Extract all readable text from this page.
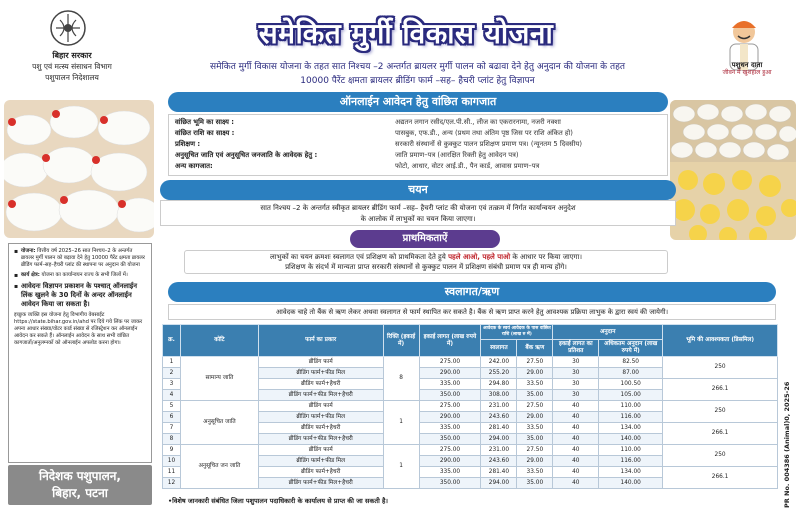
बिहार सरकार
पशु एवं मत्स्य संसाधन विभाग
पशुपालन निदेशालय
समेकित मुर्गी विकास योजना
समेकित मुर्गी विकास योजना के तहत सात निश्चय –2 अन्तर्गत ब्रायलर मुर्गी पालन को बढावा देने हेतु अनुदान की योजना के तहत
10000 पैरेंट क्षमता ब्रायलर ब्रीडिंग फार्म –सह– हैचरी प्लांट हेतु विज्ञापन
पशुधन दाता
जीवन में खुशहाल हुआ
ऑनलाईन आवेदन हेतु वांछित कागजात
वांछित भूमि का साक्ष्य :	अद्यतन लगान रसीद/एल.पी.सी., लीज का एकरारनामा, नजरी नक्शा
वांछित राशि का साक्ष्य :	पासबुक, एफ.डी., अन्य (प्रथम तथा अंतिम पृष्ठ जिस पर राशि अंकित हो)
प्रशिक्षण :	सरकारी संस्थानों से कुक्कुट पालन प्रशिक्षण प्रमाण पत्र। (न्यूनतम 5 दिवसीय)
अनुसूचित जाति एवं अनुसूचित जनजाति के आवेदक हेतु :	जाति प्रमाण–पत्र (आरक्षित रिक्ती हेतु आवेदन पत्र)
अन्य कागजात:	फोटो, आधार, वोटर आई.डी., पैन कार्ड, आवास प्रमाण–पत्र
चयन
सात निश्चय –2 के अन्तर्गत स्वीकृत ब्रायलर ब्रीडिंग फार्म –सह– हैचरी प्लांट की योजना एवं तत्क्रम में निर्गत कार्यान्वयन अनुदेश
के आलोक में लाभुकों का चयन किया जाएगा।
प्राथमिकताऐं
लाभुकों का चयन क्रमशः स्वलागत एवं प्रशिक्षण को प्राथमिकता देते हुये पहले आओ, पहले पाओ के आधार पर किया जाएगा।
प्रशिक्षण के संदर्भ में मान्यता प्राप्त सरकारी संस्थानों से कुक्कुट पालन में प्रशिक्षण संबंधी प्रमाण पत्र ही मान्य होंगे।
स्वलागत/ऋण
आवेदक चाहे तो बैंक से ऋण लेकर अथवा स्वलागत से फार्म स्थापित कर सकते है। बैंक से ऋण प्राप्त करने हेतु आवश्यक प्रक्रिया लाभुक के द्वारा स्वयं की जायेगी।
▪ योजना: वित्तीय वर्ष 2025–26 सात निश्चय–2 के अन्तर्गत ब्रायलर मुर्गी पालन को बढ़ावा देने हेतु 10000 पैरेंट क्षमता ब्रायलर ब्रीडिंग फार्म–सह–हैचरी प्लांट की स्थापना पर अनुदान की योजना
▪ कार्य क्षेत्र: योजना का कार्यान्वयन राज्य के सभी जिलों में।
▪ आवेदनः विज्ञापन प्रकाशन के पश्चात् ऑनलाईन लिंक खुलने के 30 दिनों के अन्दर ऑनलाईन आवेदन किया जा सकता है।
इच्छुक व्यक्ति इस योजना हेतु विभागीय वेबसाईट https://state.bihar.gov.in/ahd पर दिये गये लिंक पर जाकर अपना आधार संख्या/वोटर कार्ड संख्या से रजिस्ट्रेशन कर ऑनलाईन आवेदन कर सकते हैं। ऑनलाईन आवेदन के साथ सभी वांछित कागजातों/अनुलग्नकों को ऑनलाईन अपलोड करना होगा।
निदेशक पशुपालन,
बिहार, पटना
क्र.	कोटि	फार्म का प्रकार	रिक्ति (इकाई में)	इकाई लागत (लाख रुपये में)	आवेदक के स्वयं आवेदक के पास वांछित राशि (लाख रु में)		अनुदान		भूमि की आवश्यकता (डिसमिल)
					स्वलागत	बैंक ऋण	इकाई लागत का प्रतिशत	अधिकतम अनुदान (लाख रुपये में)	
1	सामान्य जाति	ब्रीडिंग फार्म	8	275.00	242.00	27.50	30	82.50	250
2		ब्रीडिंग फार्म+फीड मिल		290.00	255.20	29.00	30	87.00	
3		ब्रीडिंग फार्म+हैचरी		335.00	294.80	33.50	30	100.50	266.1
4		ब्रीडिंग फार्म+फीड मिल+हैचरी		350.00	308.00	35.00	30	105.00	
5	अनुसूचित जाति	ब्रीडिंग फार्म	1	275.00	231.00	27.50	40	110.00	250
6		ब्रीडिंग फार्म+फीड मिल		290.00	243.60	29.00	40	116.00	
7		ब्रीडिंग फार्म+हैचरी		335.00	281.40	33.50	40	134.00	266.1
8		ब्रीडिंग फार्म+फीड मिल+हैचरी		350.00	294.00	35.00	40	140.00	
9	अनुसूचित जन जाति	ब्रीडिंग फार्म	1	275.00	231.00	27.50	40	110.00	250
10		ब्रीडिंग फार्म+फीड मिल		290.00	243.60	29.00	40	116.00	
11		ब्रीडिंग फार्म+हैचरी		335.00	281.40	33.50	40	134.00	266.1
12		ब्रीडिंग फार्म+फीड मिल+हैचरी		350.00	294.00	35.00	40	140.00	
•विशेष जानकारी संबंधित जिला पशुपालन पदाधिकारी के कार्यालय से प्राप्त की जा सकती है।	PR No. 004386 (Animal)0, 2025-26
